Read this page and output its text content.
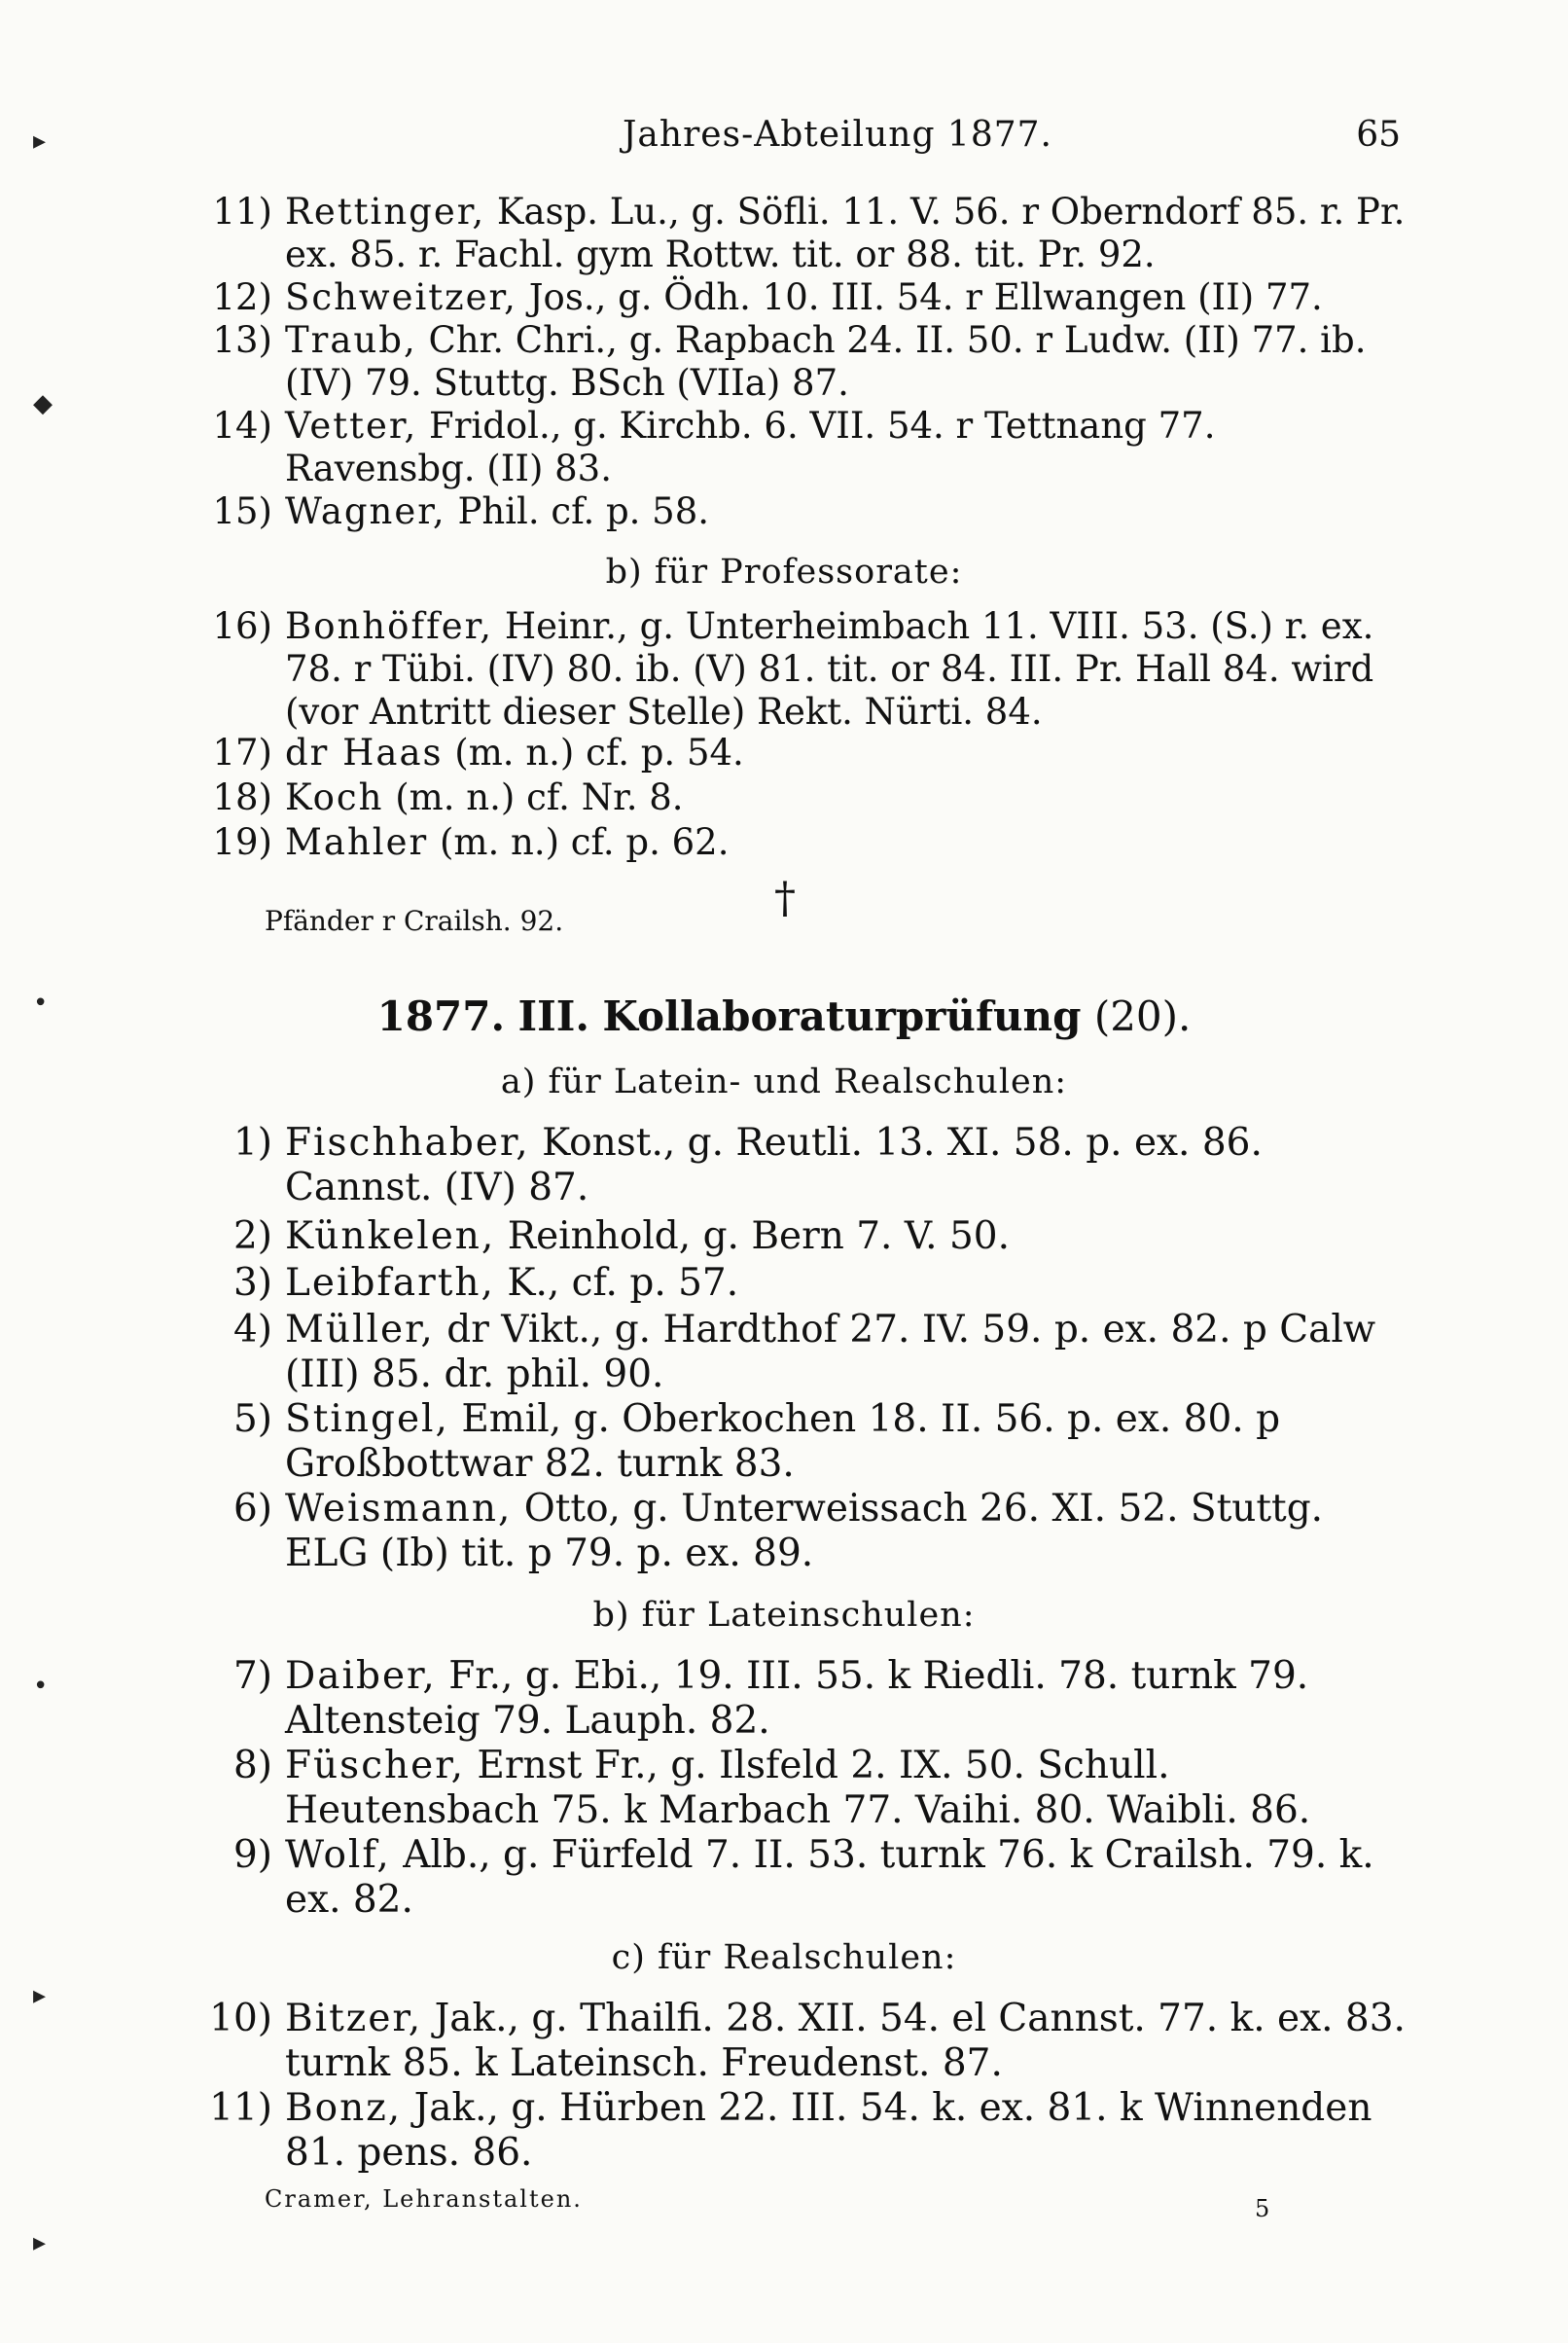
Jahres-Abteilung 1877.	65
11) Rettinger, Kasp. Lu., g. Söfli. 11. V. 56. r Oberndorf 85. r. Pr. ex. 85. r. Fachl. gym Rottw. tit. or 88. tit. Pr. 92.
12) Schweitzer, Jos., g. Ödh. 10. III. 54. r Ellwangen (II) 77.
13) Traub, Chr. Chri., g. Rapbach 24. II. 50. r Ludw. (II) 77. ib. (IV) 79. Stuttg. BSch (VIIa) 87.
14) Vetter, Fridol., g. Kirchb. 6. VII. 54. r Tettnang 77. Ravensbg. (II) 83.
15) Wagner, Phil. cf. p. 58.
b) für Professorate:
16) Bonhöffer, Heinr., g. Unterheimbach 11. VIII. 53. (S.) r. ex. 78. r Tübi. (IV) 80. ib. (V) 81. tit. or 84. III. Pr. Hall 84. wird (vor Antritt dieser Stelle) Rekt. Nürti. 84.
17) dr Haas (m. n.) cf. p. 54.
18) Koch (m. n.) cf. Nr. 8.
19) Mahler (m. n.) cf. p. 62.
Pfänder r Crailsh. 92.	†
1877. III. Kollaboraturprüfung (20).
a) für Latein- und Realschulen:
1) Fischhaber, Konst., g. Reutli. 13. XI. 58. p. ex. 86. Cannst. (IV) 87.
2) Künkelen, Reinhold, g. Bern 7. V. 50.
3) Leibfarth, K., cf. p. 57.
4) Müller, dr Vikt., g. Hardthof 27. IV. 59. p. ex. 82. p Calw (III) 85. dr. phil. 90.
5) Stingel, Emil, g. Oberkochen 18. II. 56. p. ex. 80. p Großbottwar 82. turnk 83.
6) Weismann, Otto, g. Unterweissach 26. XI. 52. Stuttg. ELG (Ib) tit. p 79. p. ex. 89.
b) für Lateinschulen:
7) Daiber, Fr., g. Ebi., 19. III. 55. k Riedli. 78. turnk 79. Altensteig 79. Lauph. 82.
8) Füscher, Ernst Fr., g. Ilsfeld 2. IX. 50. Schull. Heutensbach 75. k Marbach 77. Vaihi. 80. Waibli. 86.
9) Wolf, Alb., g. Fürfeld 7. II. 53. turnk 76. k Crailsh. 79. k. ex. 82.
c) für Realschulen:
10) Bitzer, Jak., g. Thailfi. 28. XII. 54. el Cannst. 77. k. ex. 83. turnk 85. k Lateinsch. Freudenst. 87.
11) Bonz, Jak., g. Hürben 22. III. 54. k. ex. 81. k Winnenden 81. pens. 86.
Cramer, Lehranstalten.	5
▸
◆
•
•
▸
▸
